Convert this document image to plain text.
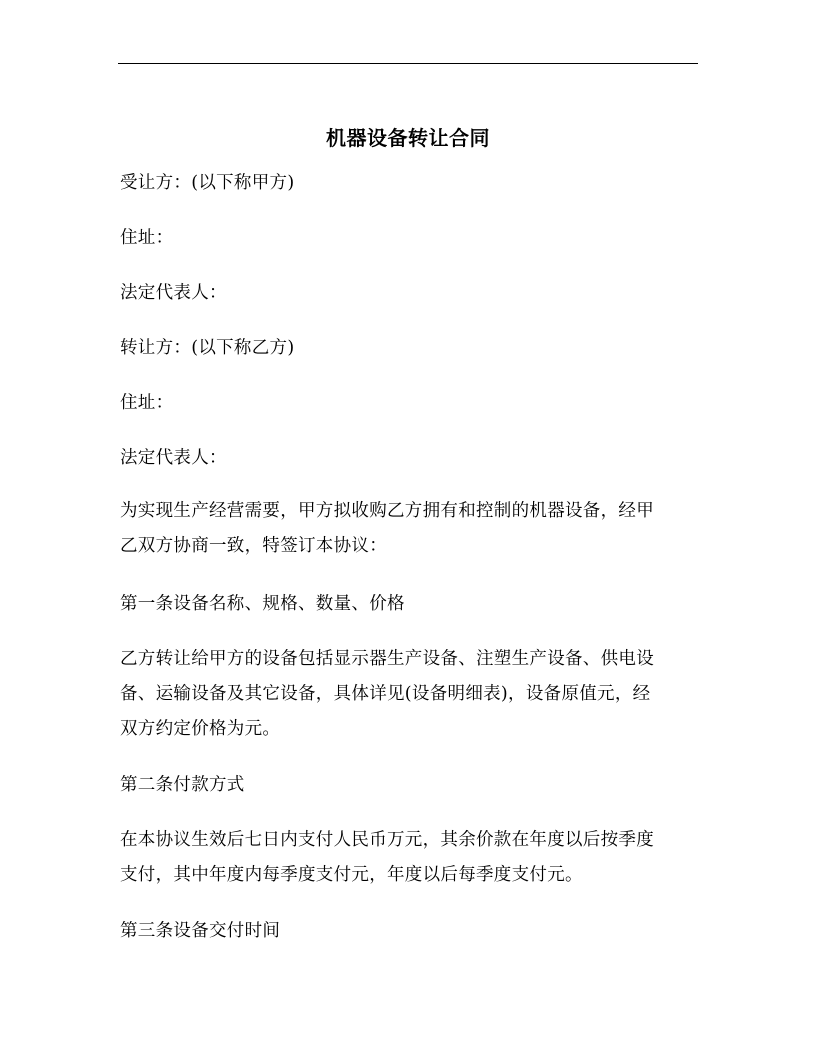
机器设备转让合同
受让方：(以下称甲方)
住址：
法定代表人：
转让方：(以下称乙方)
住址：
法定代表人：
为实现生产经营需要，甲方拟收购乙方拥有和控制的机器设备，经甲
乙双方协商一致，特签订本协议：
第一条设备名称、规格、数量、价格
乙方转让给甲方的设备包括显示器生产设备、注塑生产设备、供电设
备、运输设备及其它设备，具体详见(设备明细表)，设备原值元，经
双方约定价格为元。
第二条付款方式
在本协议生效后七日内支付人民币万元，其余价款在年度以后按季度
支付，其中年度内每季度支付元，年度以后每季度支付元。
第三条设备交付时间
